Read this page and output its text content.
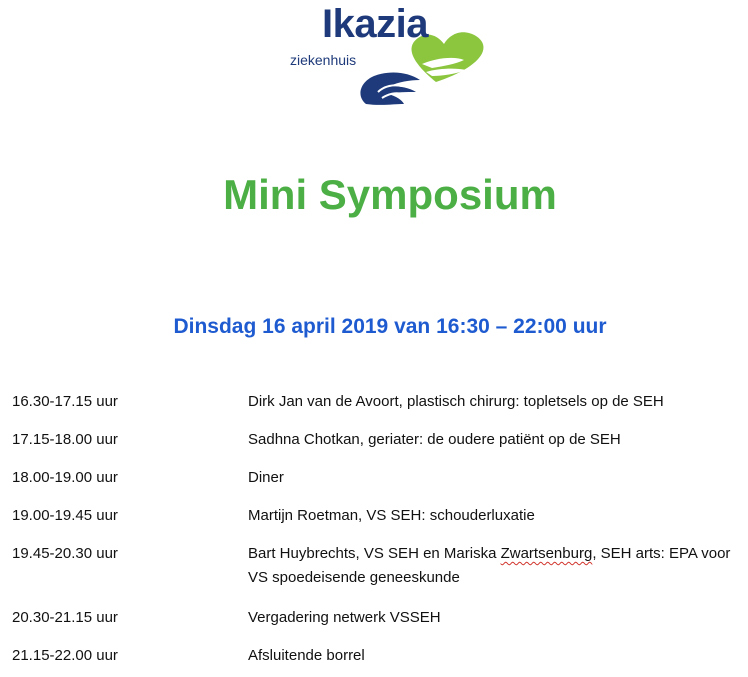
Ikazia
ziekenhuis
Mini Symposium
Dinsdag 16 april 2019 van 16:30 – 22:00 uur
16.30-17.15 uur	Dirk Jan van de Avoort, plastisch chirurg: topletsels op de SEH
17.15-18.00 uur	Sadhna Chotkan, geriater: de oudere patiënt op de SEH
18.00-19.00 uur	Diner
19.00-19.45 uur	Martijn Roetman, VS SEH: schouderluxatie
19.45-20.30 uur	Bart Huybrechts, VS SEH en Mariska Zwartsenburg, SEH arts: EPA voor VS spoedeisende geneeskunde
20.30-21.15 uur	Vergadering netwerk VSSEH
21.15-22.00 uur	Afsluitende borrel
